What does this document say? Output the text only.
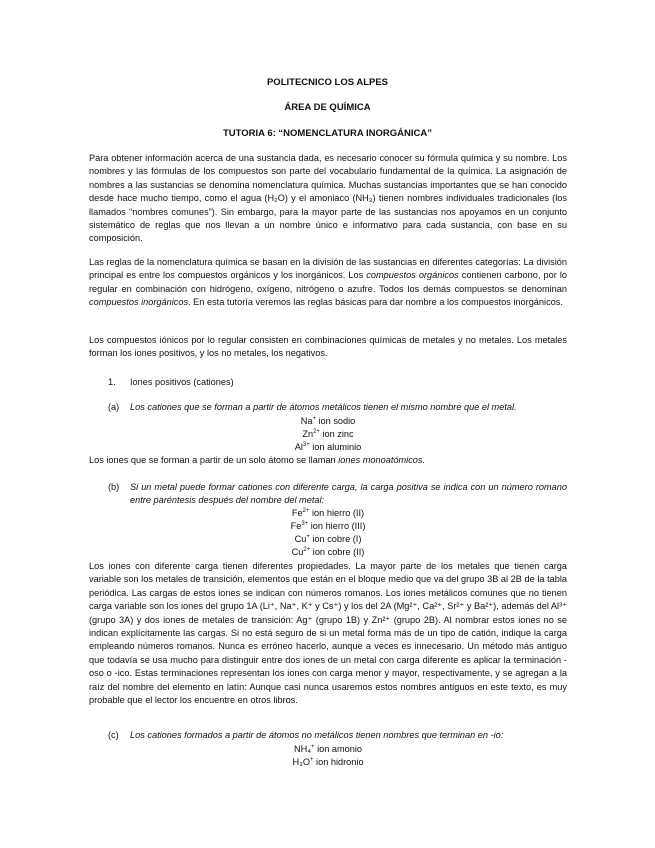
POLITECNICO LOS ALPES
ÁREA DE QUÍMICA
TUTORIA 6: “NOMENCLATURA INORGÁNICA”
Para obtener información acerca de una sustancia dada, es necesario conocer su fórmula química y su nombre. Los nombres y las fórmulas de los compuestos son parte del vocabulario fundamental de la química. La asignación de nombres a las sustancias se denomina nomenclatura química. Muchas sustancias importantes que se han conocido desde hace mucho tiempo, como el agua (H₂O) y el amoniaco (NH₃) tienen nombres individuales tradicionales (los llamados “nombres comunes”). Sin embargo, para la mayor parte de las sustancias nos apoyamos en un conjunto sistemático de reglas que nos llevan a un nombre único e informativo para cada sustancia, con base en su composición.
Las reglas de la nomenclatura química se basan en la división de las sustancias en diferentes categorías: La división principal es entre los compuestos orgánicos y los inorgánicos. Los compuestos orgánicos contienen carbono, por lo regular en combinación con hidrógeno, oxígeno, nitrógeno o azufre. Todos los demás compuestos se denominan compuestos inorgánicos. En esta tutoría veremos las reglas básicas para dar nombre a los compuestos inorgánicos.
Los compuestos iónicos por lo regular consisten en combinaciones químicas de metales y no metales. Los metales forman los iones positivos, y los no metales, los negativos.
1. Iones positivos (cationes)
(a) Los cationes que se forman a partir de átomos metálicos tienen el mismo nombre que el metal.
Na+ ion sodio
$Zn^{2+}$ ion zinc
$Al^{3+}$ ion aluminio
Los iones que se forman a partir de un solo átomo se llaman iones monoatómicos.
(b) Si un metal puede formar cationes con diferente carga, la carga positiva se indica con un número romano entre paréntesis después del nombre del metal:
$Fe^{2+}$ ion hierro (II)
$Fe^{3+}$ ion hierro (III)
Cu+ ion cobre (I)
$Cu^{2+}$ ion cobre (II)
Los iones con diferente carga tienen diferentes propiedades. La mayor parte de los metales que tienen carga variable son los metales de transición, elementos que están en el bloque medio que va del grupo 3B al 2B de la tabla periódica. Las cargas de estos iones se indican con números romanos. Los iones metálicos comunes que no tienen carga variable son los iones del grupo 1A (Li⁺, Na⁺, K⁺ y Cs⁺) y los del 2A (Mg²⁺, Ca²⁺, Sr²⁺ y Ba²⁺), además del Al³⁺ (grupo 3A) y dos iones de metales de transición: Ag⁺ (grupo 1B) y Zn²⁺ (grupo 2B). Al nombrar estos iones no se indican explícitamente las cargas. Si no está seguro de si un metal forma más de un tipo de catión, indique la carga empleando números romanos. Nunca es erróneo hacerlo, aunque a veces es innecesario. Un método más antiguo que todavía se usa mucho para distinguir entre dos iones de un metal con carga diferente es aplicar la terminación -oso o -ico. Estas terminaciones representan los iones con carga menor y mayor, respectivamente, y se agregan a la raíz del nombre del elemento en latín: Aunque casi nunca usaremos estos nombres antiguos en este texto, es muy probable que el lector los encuentre en otros libros.
(c) Los cationes formados a partir de átomos no metálicos tienen nombres que terminan en -io:
NH₄+ ion amonio
H₃O+ ion hidronio
